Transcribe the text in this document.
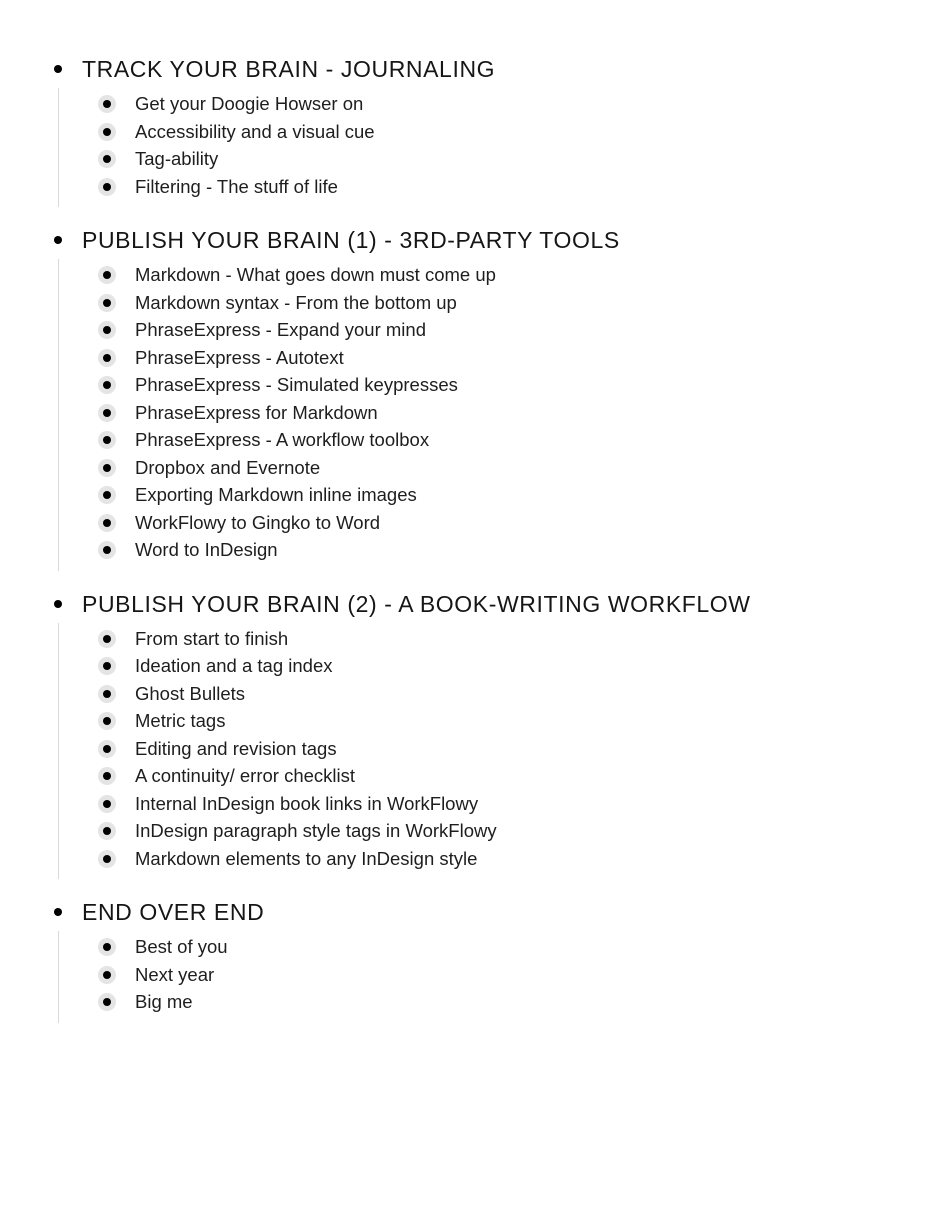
TRACK YOUR BRAIN - JOURNALING
Get your Doogie Howser on
Accessibility and a visual cue
Tag-ability
Filtering - The stuff of life
PUBLISH YOUR BRAIN (1) - 3RD-PARTY TOOLS
Markdown - What goes down must come up
Markdown syntax - From the bottom up
PhraseExpress - Expand your mind
PhraseExpress - Autotext
PhraseExpress - Simulated keypresses
PhraseExpress for Markdown
PhraseExpress - A workflow toolbox
Dropbox and Evernote
Exporting Markdown inline images
WorkFlowy to Gingko to Word
Word to InDesign
PUBLISH YOUR BRAIN (2) - A BOOK-WRITING WORKFLOW
From start to finish
Ideation and a tag index
Ghost Bullets
Metric tags
Editing and revision tags
A continuity/ error checklist
Internal InDesign book links in WorkFlowy
InDesign paragraph style tags in WorkFlowy
Markdown elements to any InDesign style
END OVER END
Best of you
Next year
Big me
